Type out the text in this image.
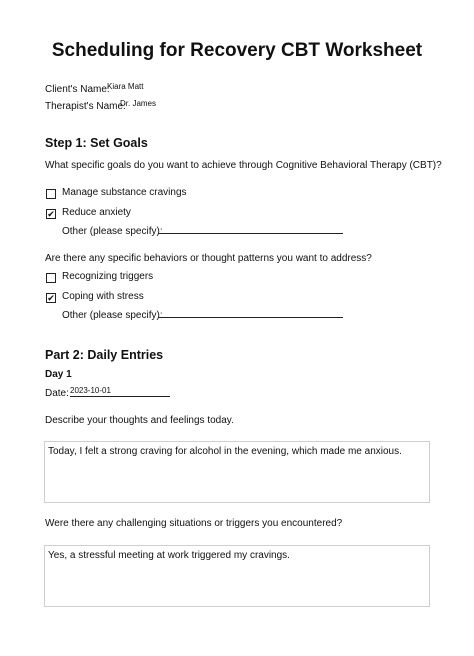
Scheduling for Recovery CBT Worksheet
Client's Name:
Kiara Matt
Therapist's Name:
Dr. James
Step 1: Set Goals
What specific goals do you want to achieve through Cognitive Behavioral Therapy (CBT)?
Manage substance cravings
✔ Reduce anxiety
Other (please specify):
Are there any specific behaviors or thought patterns you want to address?
Recognizing triggers
✔ Coping with stress
Other (please specify):
Part 2: Daily Entries
Day 1
Date: 2023-10-01
Describe your thoughts and feelings today.
Today, I felt a strong craving for alcohol in the evening, which made me anxious.
Were there any challenging situations or triggers you encountered?
Yes, a stressful meeting at work triggered my cravings.
